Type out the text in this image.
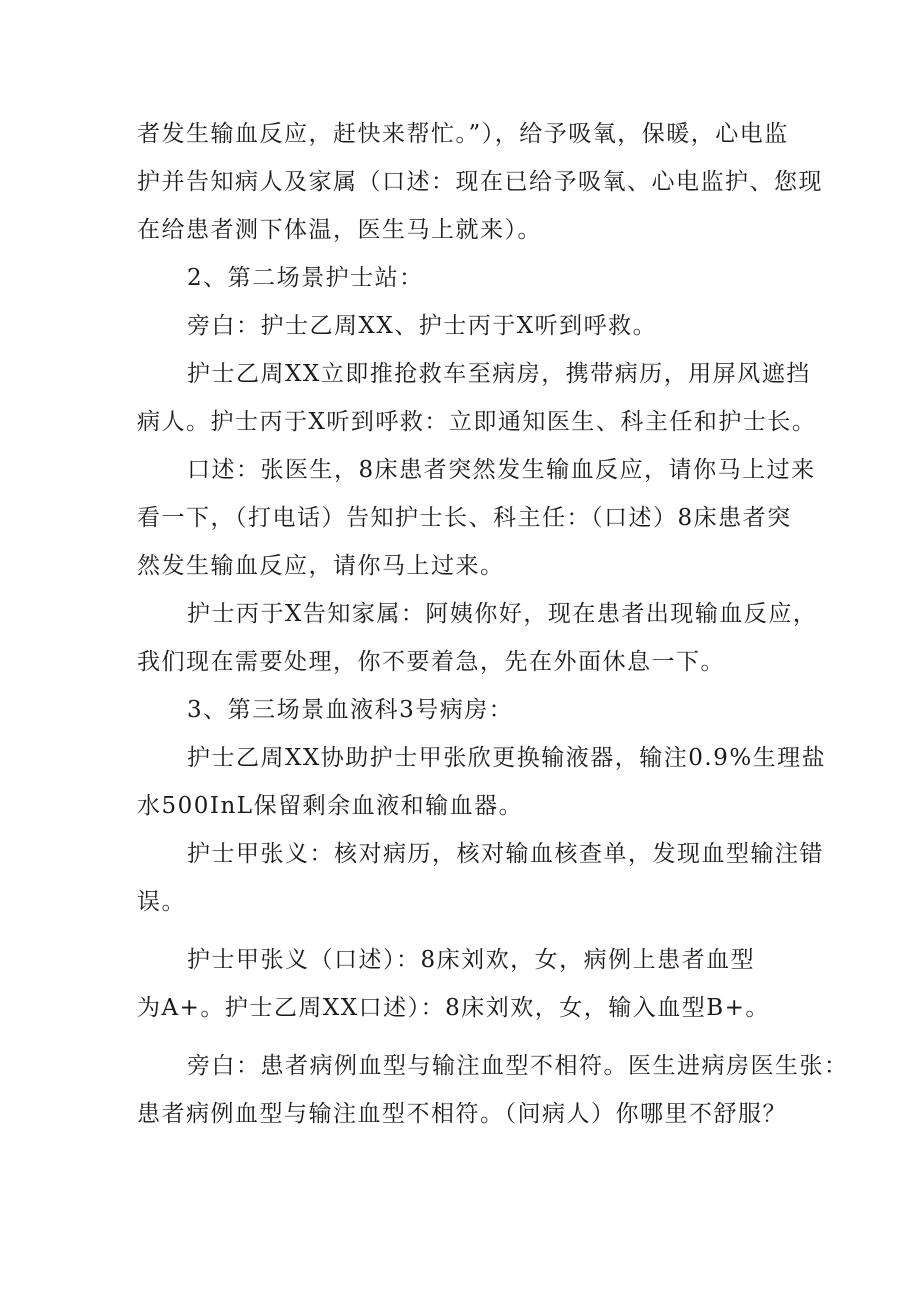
者发生输血反应，赶快来帮忙。”），给予吸氧，保暖，心电监
护并告知病人及家属（口述：现在已给予吸氧、心电监护、您现
在给患者测下体温，医生马上就来）。
2、第二场景护士站：
旁白：护士乙周XX、护士丙于X听到呼救。
护士乙周XX立即推抢救车至病房，携带病历，用屏风遮挡
病人。护士丙于X听到呼救：立即通知医生、科主任和护士长。
口述：张医生，8床患者突然发生输血反应，请你马上过来
看一下，（打电话）告知护士长、科主任：（口述）8床患者突
然发生输血反应，请你马上过来。
护士丙于X告知家属：阿姨你好，现在患者出现输血反应，
我们现在需要处理，你不要着急，先在外面休息一下。
3、第三场景血液科3号病房：
护士乙周XX协助护士甲张欣更换输液器，输注0.9%生理盐
水500InL保留剩余血液和输血器。
护士甲张义：核对病历，核对输血核查单，发现血型输注错
误。
护士甲张义（口述）：8床刘欢，女，病例上患者血型
为A+。护士乙周XX口述）：8床刘欢，女，输入血型B+。
旁白：患者病例血型与输注血型不相符。医生进病房医生张：
患者病例血型与输注血型不相符。（问病人）你哪里不舒服？
